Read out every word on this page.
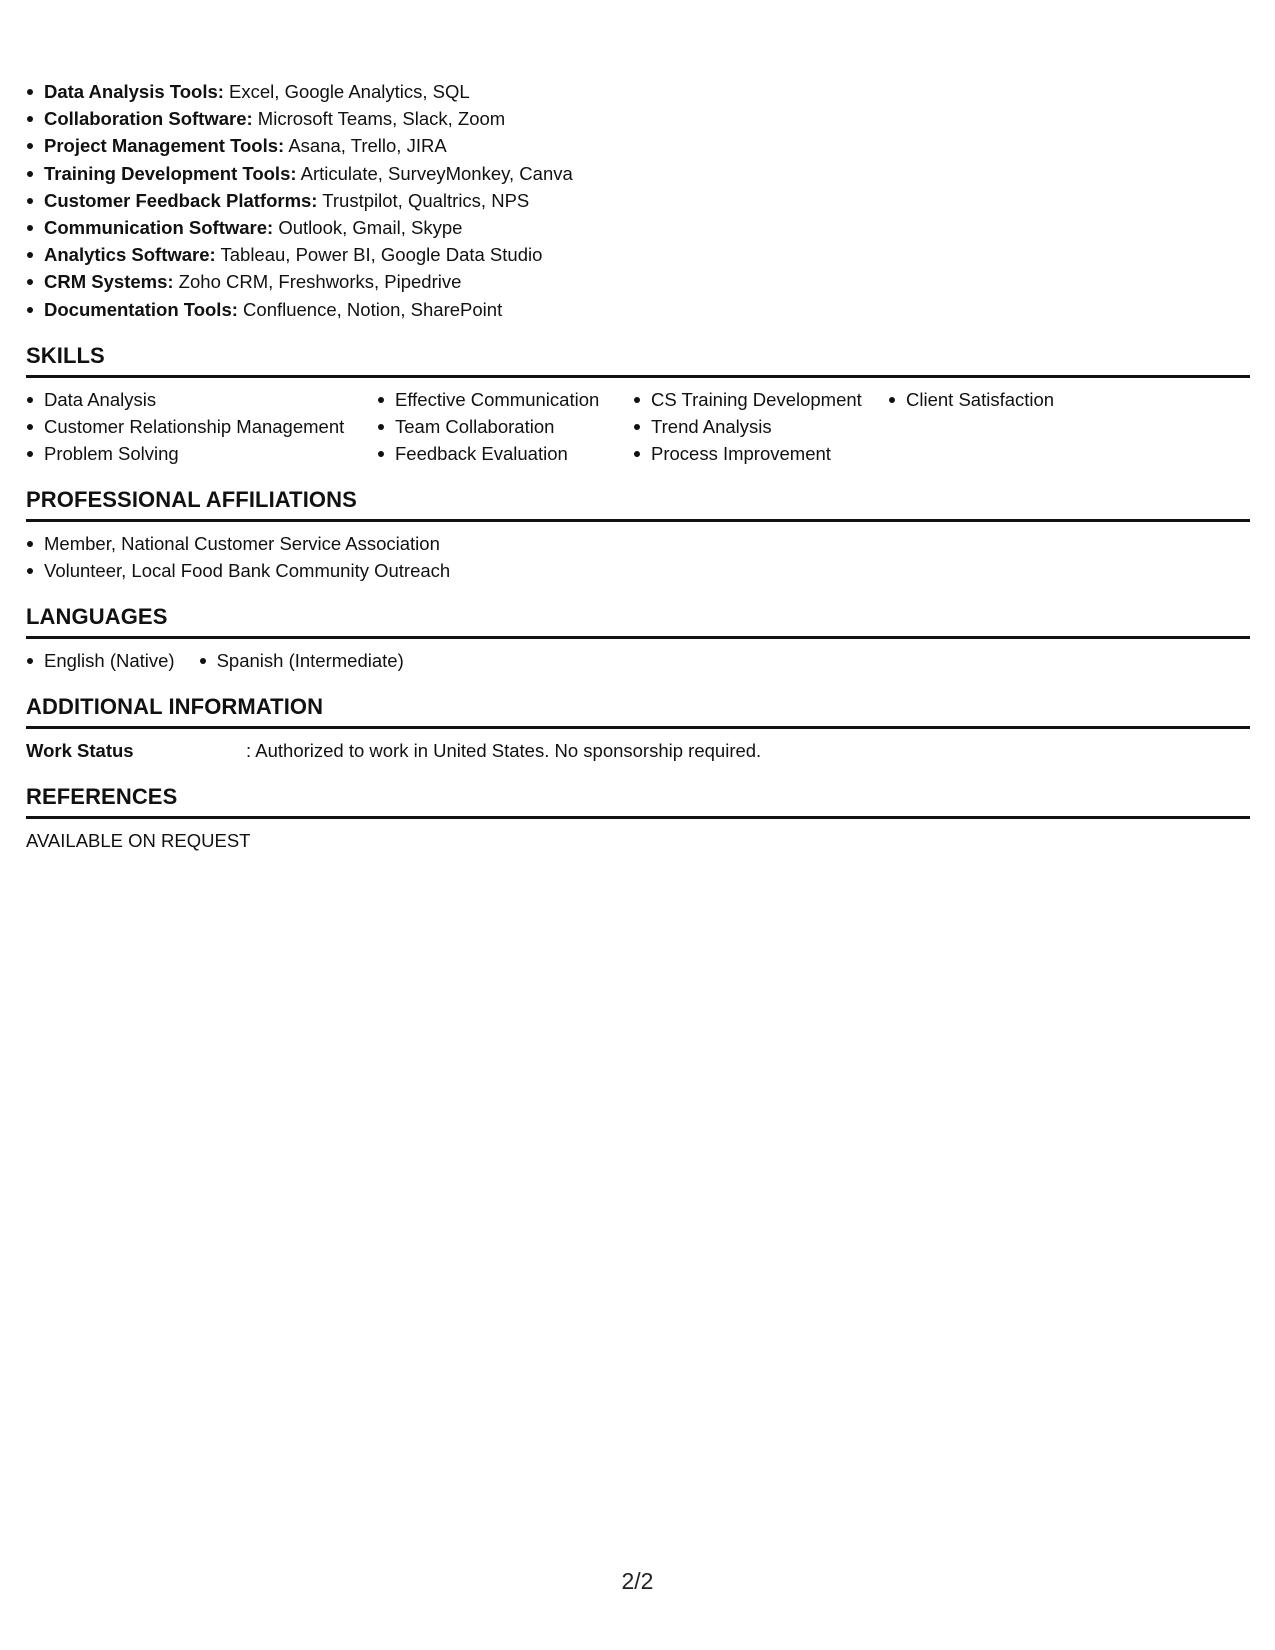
Data Analysis Tools: Excel, Google Analytics, SQL
Collaboration Software: Microsoft Teams, Slack, Zoom
Project Management Tools: Asana, Trello, JIRA
Training Development Tools: Articulate, SurveyMonkey, Canva
Customer Feedback Platforms: Trustpilot, Qualtrics, NPS
Communication Software: Outlook, Gmail, Skype
Analytics Software: Tableau, Power BI, Google Data Studio
CRM Systems: Zoho CRM, Freshworks, Pipedrive
Documentation Tools: Confluence, Notion, SharePoint
SKILLS
Data Analysis
Customer Relationship Management
Problem Solving
Effective Communication
Team Collaboration
Feedback Evaluation
CS Training Development
Trend Analysis
Process Improvement
Client Satisfaction
PROFESSIONAL AFFILIATIONS
Member, National Customer Service Association
Volunteer, Local Food Bank Community Outreach
LANGUAGES
English (Native)	Spanish (Intermediate)
ADDITIONAL INFORMATION
Work Status	: Authorized to work in United States. No sponsorship required.
REFERENCES
AVAILABLE ON REQUEST
2/2
